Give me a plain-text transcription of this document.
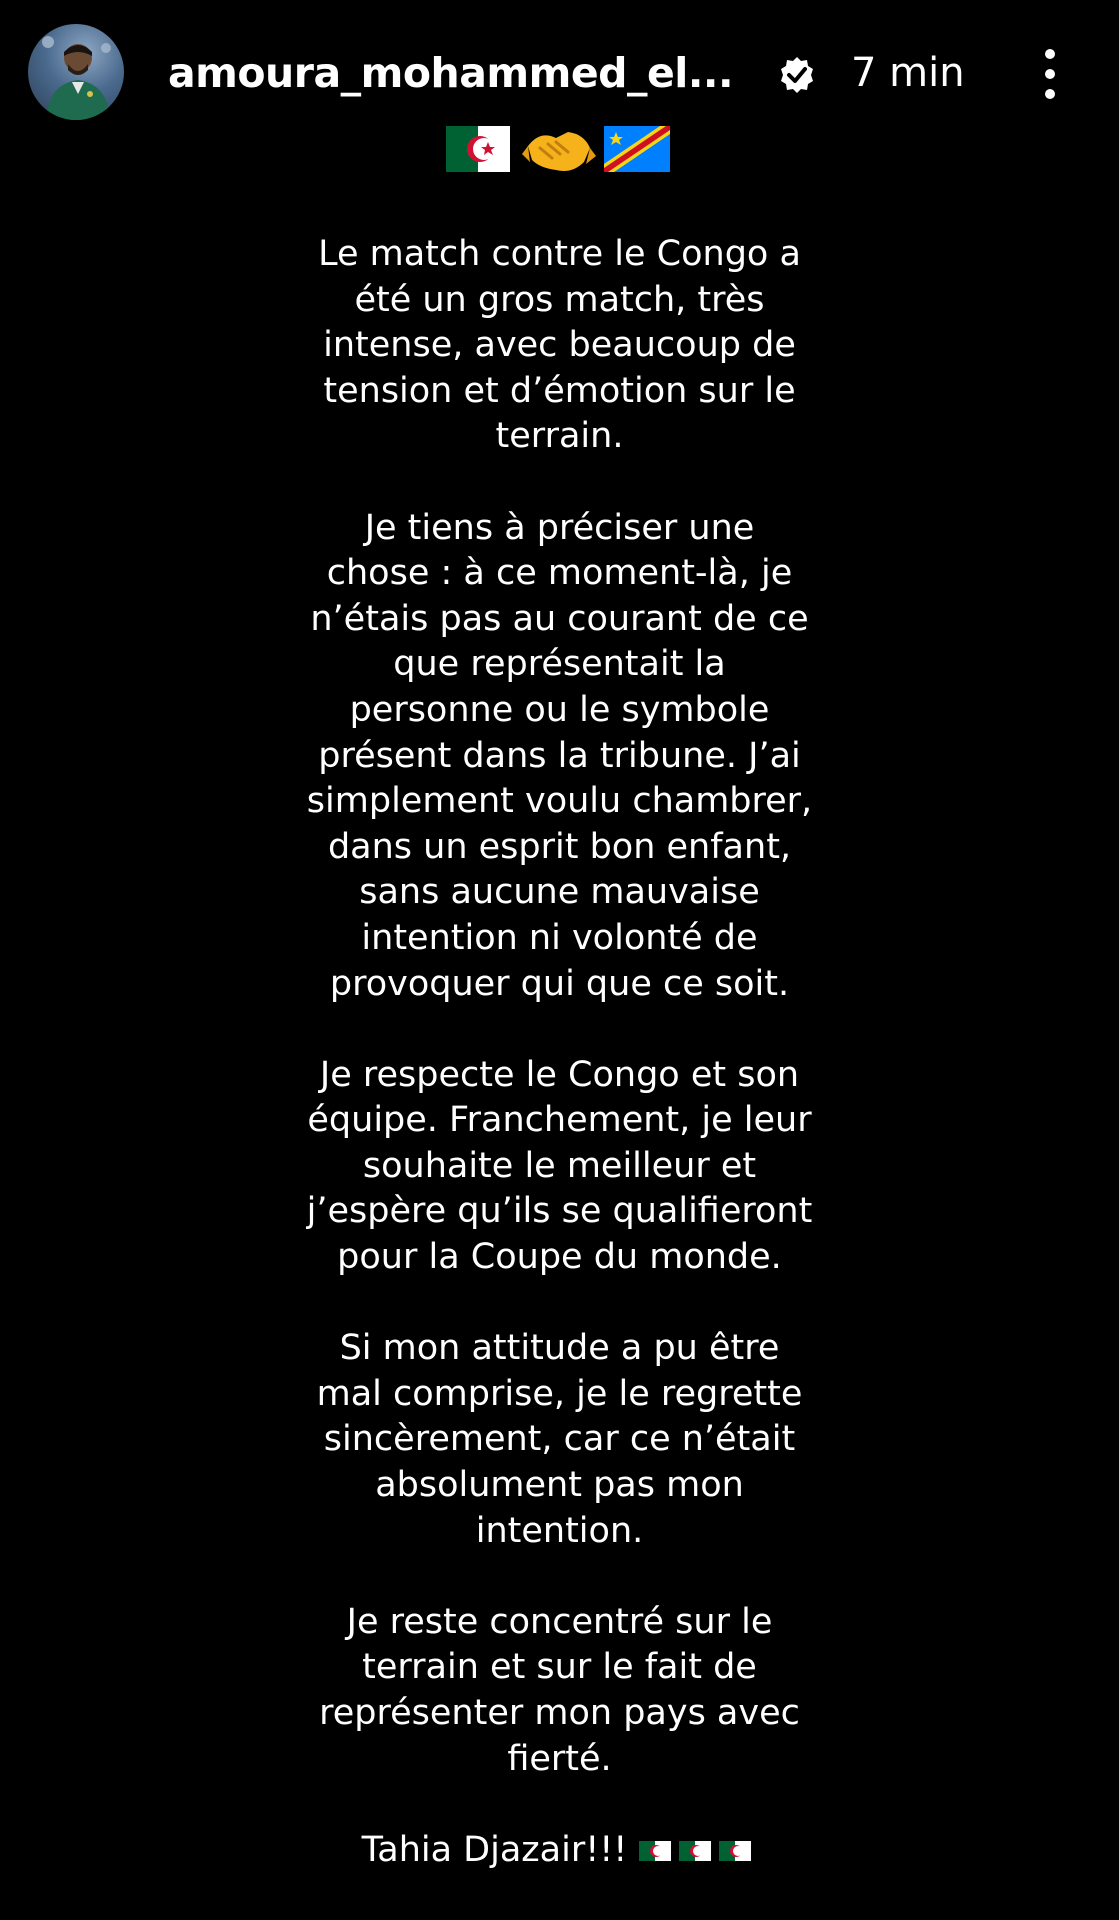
amoura_mohammed_el...	7 min

Le match contre le Congo a
été un gros match, très
intense, avec beaucoup de
tension et d’émotion sur le
terrain.

Je tiens à préciser une
chose : à ce moment-là, je
n’étais pas au courant de ce
que représentait la
personne ou le symbole
présent dans la tribune. J’ai
simplement voulu chambrer,
dans un esprit bon enfant,
sans aucune mauvaise
intention ni volonté de
provoquer qui que ce soit.

Je respecte le Congo et son
équipe. Franchement, je leur
souhaite le meilleur et
j’espère qu’ils se qualifieront
pour la Coupe du monde.

Si mon attitude a pu être
mal comprise, je le regrette
sincèrement, car ce n’était
absolument pas mon
intention.

Je reste concentré sur le
terrain et sur le fait de
représenter mon pays avec
fierté.

Tahia Djazair!!!
